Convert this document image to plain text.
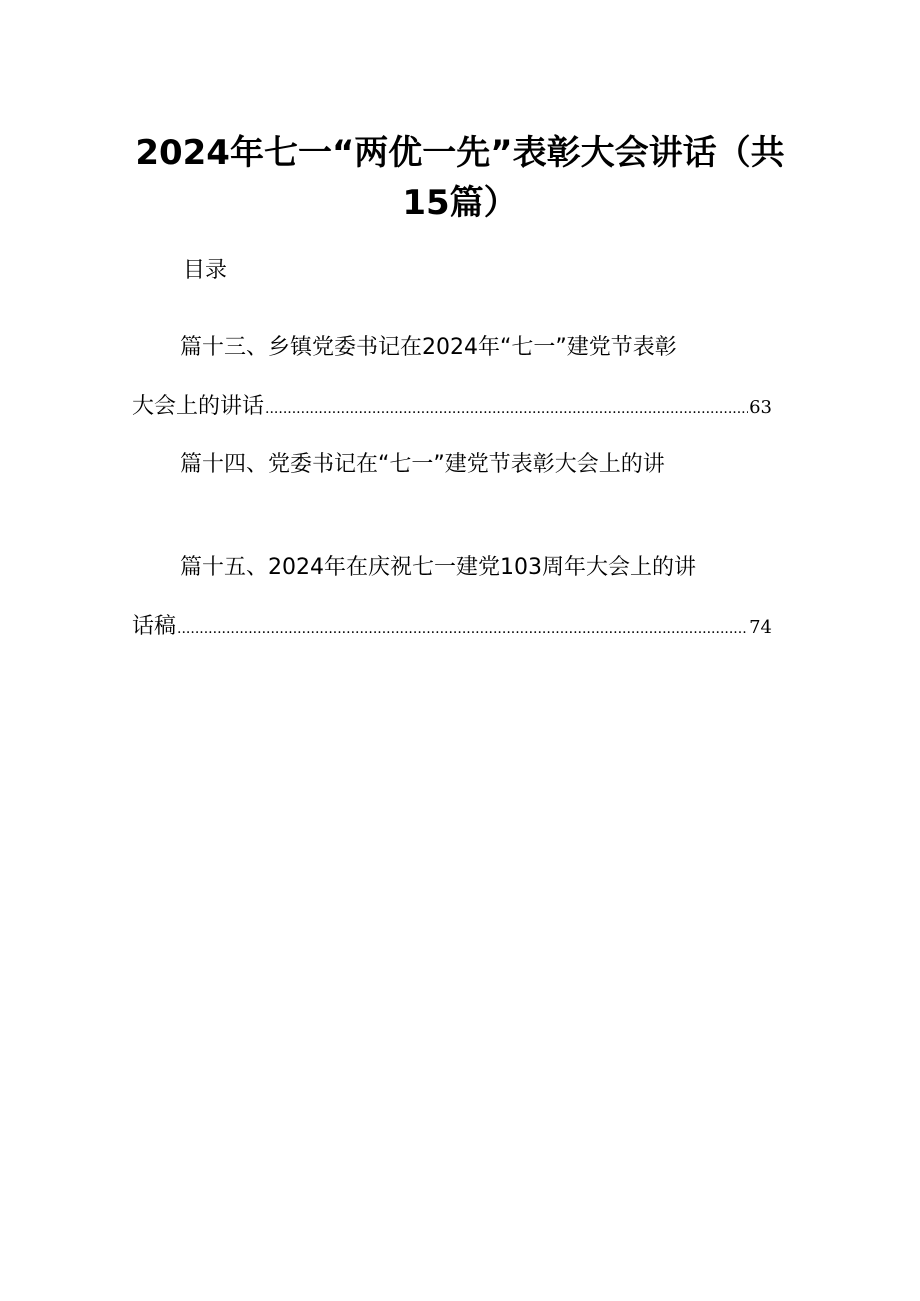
2024年七一“两优一先”表彰大会讲话（共
15篇）
目录
篇十三、乡镇党委书记在2024年“七一”建党节表彰
大会上的讲话 .....	63
篇十四、党委书记在“七一”建党节表彰大会上的讲
篇十五、2024年在庆祝七一建党103周年大会上的讲
话稿 .....	74
